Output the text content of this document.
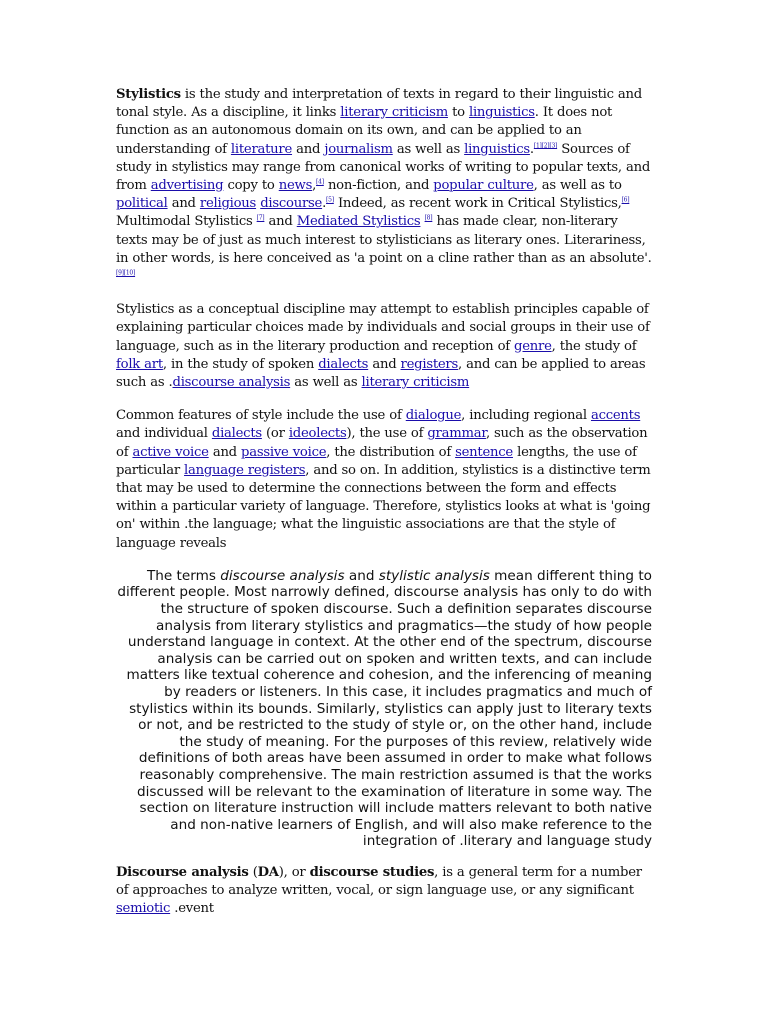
Stylistics is the study and interpretation of texts in regard to their linguistic and tonal style. As a discipline, it links literary criticism to linguistics. It does not function as an autonomous domain on its own, and can be applied to an understanding of literature and journalism as well as linguistics.[1][2][3] Sources of study in stylistics may range from canonical works of writing to popular texts, and from advertising copy to news,[4] non-fiction, and popular culture, as well as to political and religious discourse.[5] Indeed, as recent work in Critical Stylistics,[6] Multimodal Stylistics [7] and Mediated Stylistics [8] has made clear, non-literary texts may be of just as much interest to stylisticians as literary ones. Literariness, in other words, is here conceived as 'a point on a cline rather than as an absolute'.[9][10]

Stylistics as a conceptual discipline may attempt to establish principles capable of explaining particular choices made by individuals and social groups in their use of language, such as in the literary production and reception of genre, the study of folk art, in the study of spoken dialects and registers, and can be applied to areas such as .discourse analysis as well as literary criticism

Common features of style include the use of dialogue, including regional accents and individual dialects (or ideolects), the use of grammar, such as the observation of active voice and passive voice, the distribution of sentence lengths, the use of particular language registers, and so on. In addition, stylistics is a distinctive term that may be used to determine the connections between the form and effects within a particular variety of language. Therefore, stylistics looks at what is 'going on' within .the language; what the linguistic associations are that the style of language reveals

The terms discourse analysis and stylistic analysis mean different thing to different people. Most narrowly defined, discourse analysis has only to do with the structure of spoken discourse. Such a definition separates discourse analysis from literary stylistics and pragmatics—the study of how people understand language in context. At the other end of the spectrum, discourse analysis can be carried out on spoken and written texts, and can include matters like textual coherence and cohesion, and the inferencing of meaning by readers or listeners. In this case, it includes pragmatics and much of stylistics within its bounds. Similarly, stylistics can apply just to literary texts or not, and be restricted to the study of style or, on the other hand, include the study of meaning. For the purposes of this review, relatively wide definitions of both areas have been assumed in order to make what follows reasonably comprehensive. The main restriction assumed is that the works discussed will be relevant to the examination of literature in some way. The section on literature instruction will include matters relevant to both native and non-native learners of English, and will also make reference to the integration of .literary and language study

Discourse analysis (DA), or discourse studies, is a general term for a number of approaches to analyze written, vocal, or sign language use, or any significant semiotic .event
